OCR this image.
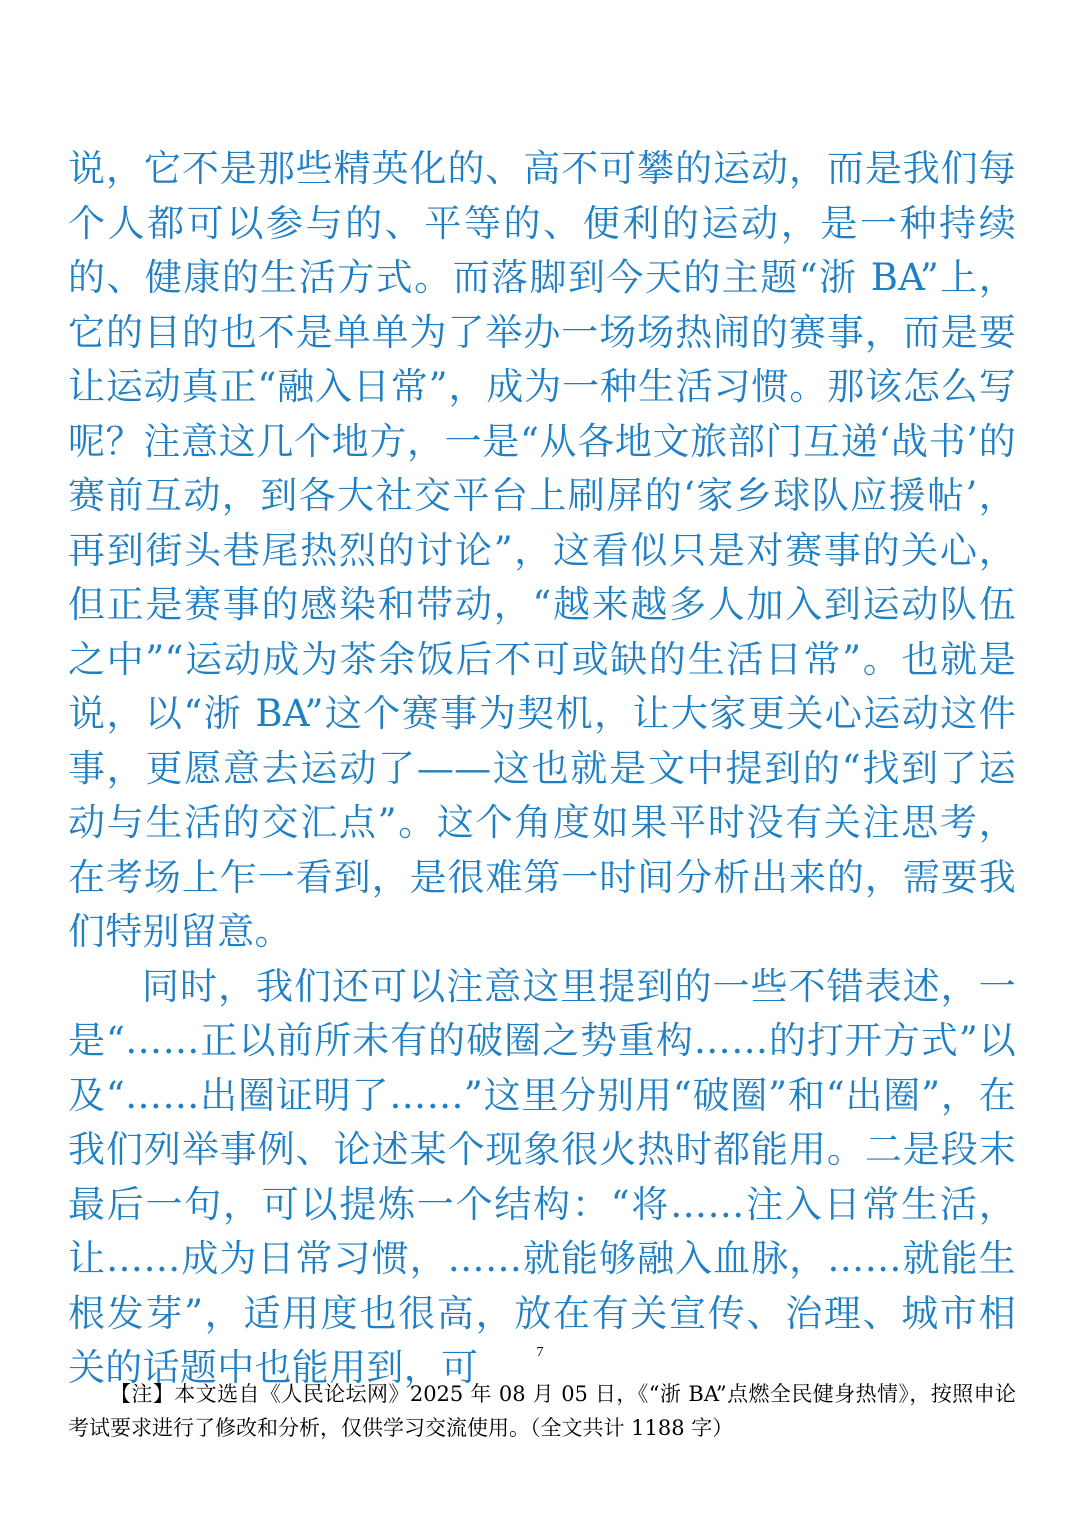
说，它不是那些精英化的、高不可攀的运动，而是我们每个人都可以参与的、平等的、便利的运动，是一种持续的、健康的生活方式。而落脚到今天的主题“浙 BA”上，它的目的也不是单单为了举办一场场热闹的赛事，而是要让运动真正“融入日常”，成为一种生活习惯。那该怎么写呢？注意这几个地方，一是“从各地文旅部门互递‘战书’的赛前互动，到各大社交平台上刷屏的‘家乡球队应援帖’，再到街头巷尾热烈的讨论”，这看似只是对赛事的关心，但正是赛事的感染和带动，“越来越多人加入到运动队伍之中”“运动成为茶余饭后不可或缺的生活日常”。也就是说，以“浙 BA”这个赛事为契机，让大家更关心运动这件事，更愿意去运动了——这也就是文中提到的“找到了运动与生活的交汇点”。这个角度如果平时没有关注思考，在考场上乍一看到，是很难第一时间分析出来的，需要我们特别留意。

同时，我们还可以注意这里提到的一些不错表述，一是“……正以前所未有的破圈之势重构……的打开方式”以及“……出圈证明了……”这里分别用“破圈”和“出圈”，在我们列举事例、论述某个现象很火热时都能用。二是段末最后一句，可以提炼一个结构：“将……注入日常生活，让……成为日常习惯，……就能够融入血脉，……就能生根发芽”，适用度也很高，放在有关宣传、治理、城市相关的话题中也能用到，可	7
【注】本文选自《人民论坛网》2025 年 08 月 05 日，《“浙 BA”点燃全民健身热情》，按照申论考试要求进行了修改和分析，仅供学习交流使用。（全文共计 1188 字）
